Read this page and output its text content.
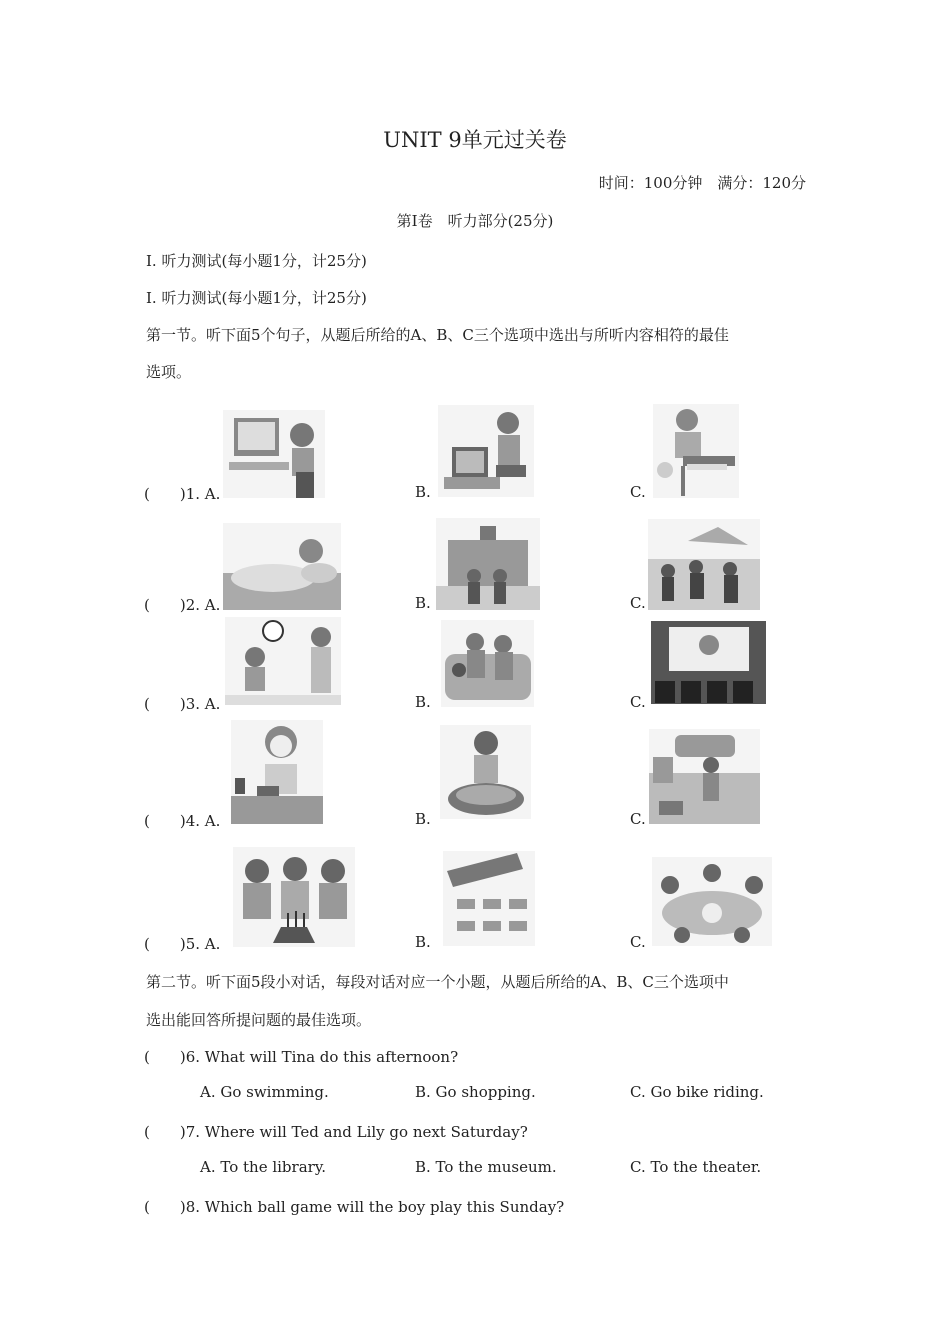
UNIT 9单元过关卷
时间：100分钟　满分：120分
第Ⅰ卷　听力部分(25分)
Ⅰ. 听力测试(每小题1分，计25分)
Ⅰ. 听力测试(每小题1分，计25分)
第一节。听下面5个句子，从题后所给的A、B、C三个选项中选出与所听内容相符的最佳
选项。
(　　)1. A.	B.	C.
(　　)2. A.	B.	C.
(　　)3. A.	B.	C.
(　　)4. A.	B.	C.
(　　)5. A.	B.	C.
第二节。听下面5段小对话，每段对话对应一个小题，从题后所给的A、B、C三个选项中
选出能回答所提问题的最佳选项。
(　　)6. What will Tina do this afternoon?
A. Go swimming.	B. Go shopping.	C. Go bike riding.
(　　)7. Where will Ted and Lily go next Saturday?
A. To the library.	B. To the museum.	C. To the theater.
(　　)8. Which ball game will the boy play this Sunday?
